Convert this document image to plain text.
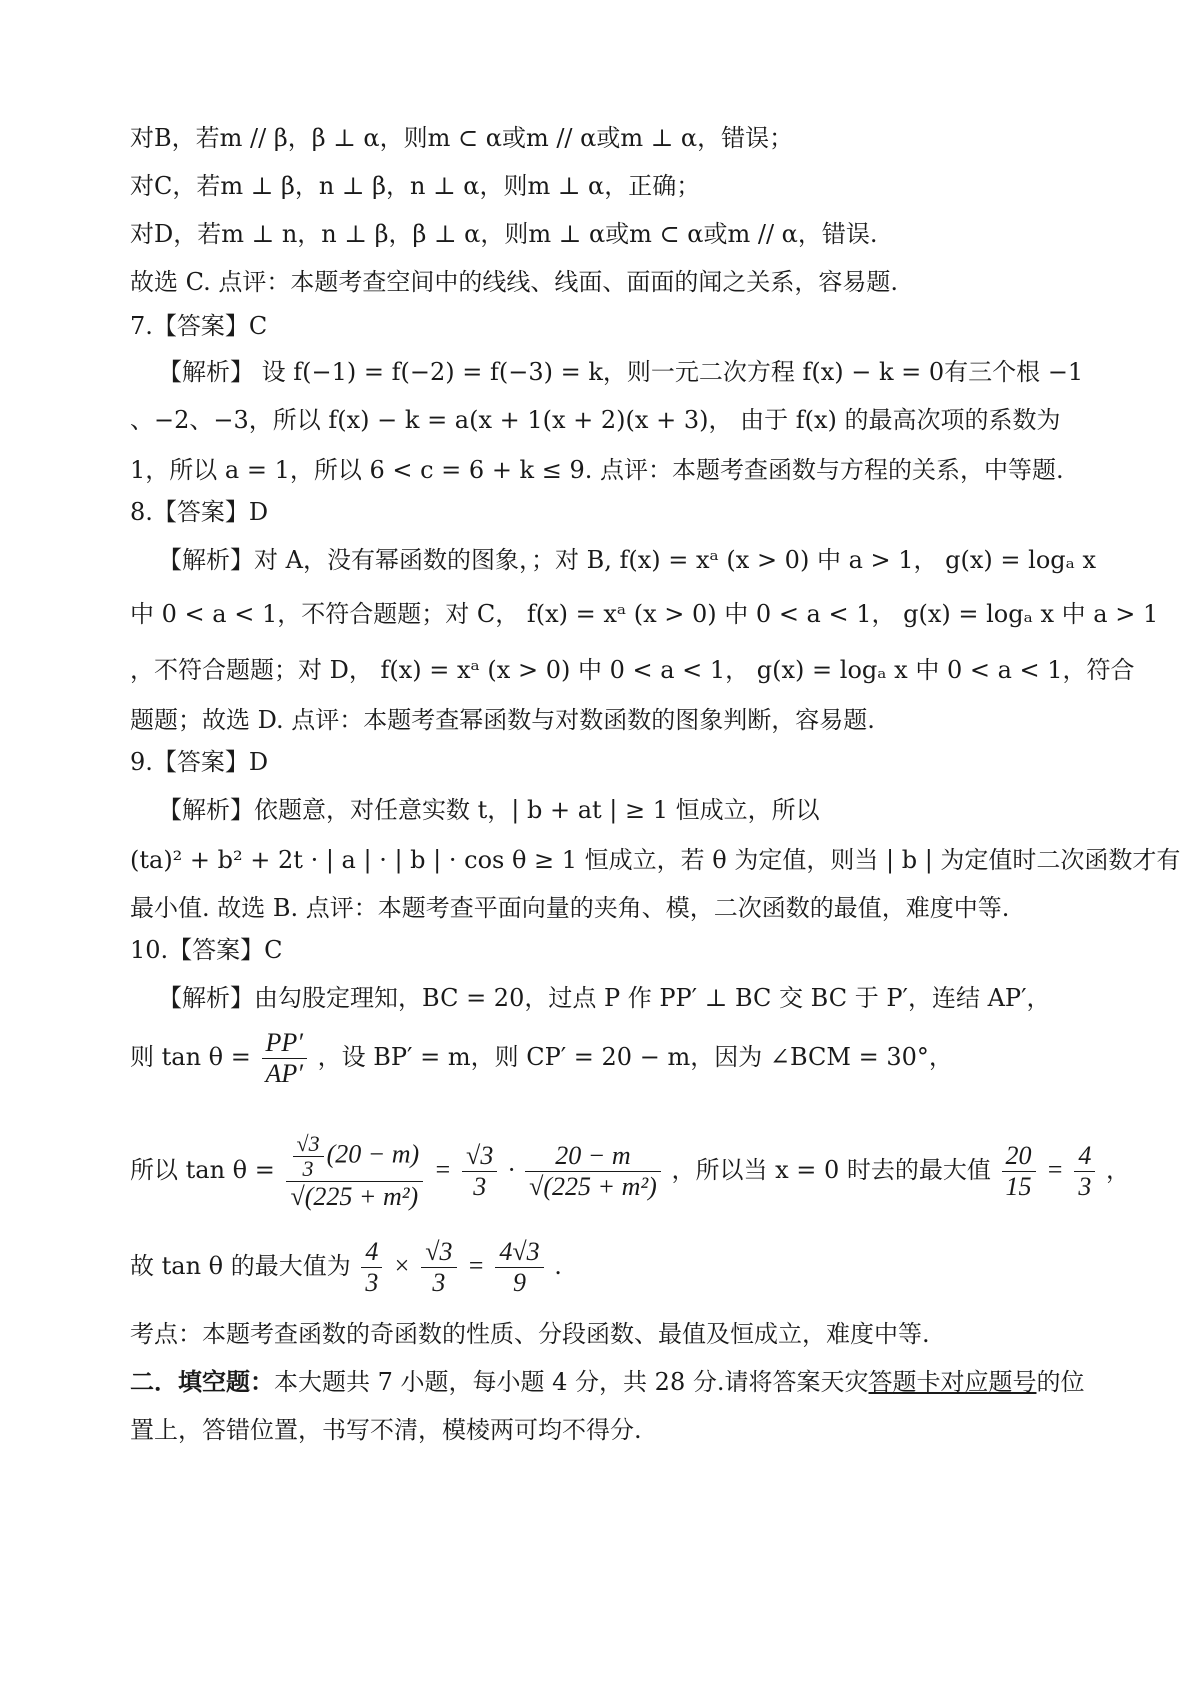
对B，若m // β，β ⊥ α，则m ⊂ α或m // α或m ⊥ α，错误；
对C，若m ⊥ β，n ⊥ β，n ⊥ α，则m ⊥ α，正确；
对D，若m ⊥ n，n ⊥ β，β ⊥ α，则m ⊥ α或m ⊂ α或m // α，错误.
故选 C. 点评：本题考查空间中的线线、线面、面面的闻之关系，容易题.
7.【答案】C
【解析】 设 f(−1) = f(−2) = f(−3) = k，则一元二次方程 f(x) − k = 0有三个根 −1
、−2、−3，所以 f(x) − k = a(x + 1(x + 2)(x + 3)， 由于 f(x) 的最高次项的系数为
1，所以 a = 1，所以 6 < c = 6 + k ≤ 9. 点评：本题考查函数与方程的关系，中等题.
8.【答案】D
【解析】对 A，没有幂函数的图象，；对 B, f(x) = xᵃ (x > 0) 中 a > 1， g(x) = logₐ x
中 0 < a < 1，不符合题题；对 C， f(x) = xᵃ (x > 0) 中 0 < a < 1， g(x) = logₐ x 中 a > 1
，不符合题题；对 D， f(x) = xᵃ (x > 0) 中 0 < a < 1， g(x) = logₐ x 中 0 < a < 1，符合
题题；故选 D. 点评：本题考查幂函数与对数函数的图象判断，容易题.
9.【答案】D
【解析】依题意，对任意实数 t，| b + at | ≥ 1 恒成立，所以
(ta)² + b² + 2t · | a | · | b | · cos θ ≥ 1 恒成立，若 θ 为定值，则当 | b | 为定值时二次函数才有
最小值. 故选 B. 点评：本题考查平面向量的夹角、模，二次函数的最值，难度中等.
10.【答案】C
【解析】由勾股定理知，BC = 20，过点 P 作 PP′ ⊥ BC 交 BC 于 P′，连结 AP′，
则 $\tan \theta = \frac{PP'}{AP'}$ ，设 BP′ = m，则 CP′ = 20 − m，因为 ∠BCM = 30°，
所以 $\tan \theta = \frac{\frac{√3}{3} (20 - m)}{\text{√(225 + m²)}} = \frac{√3}{3} \cdot \frac{20 - m}{\text{√(225 + m²)}}$ ，所以当 x = 0 时去的最大值 $\frac{20}{15} = \frac{4}{3}$ ，
故 tan θ 的最大值为 $\frac{4}{3} \times \frac{√3}{3} = \frac{4√3}{9}$ .
考点：本题考查函数的奇函数的性质、分段函数、最值及恒成立，难度中等.
二．填空题：本大题共 7 小题，每小题 4 分，共 28 分.请将答案天灾答题卡对应题号的位
置上，答错位置，书写不清，模棱两可均不得分.
